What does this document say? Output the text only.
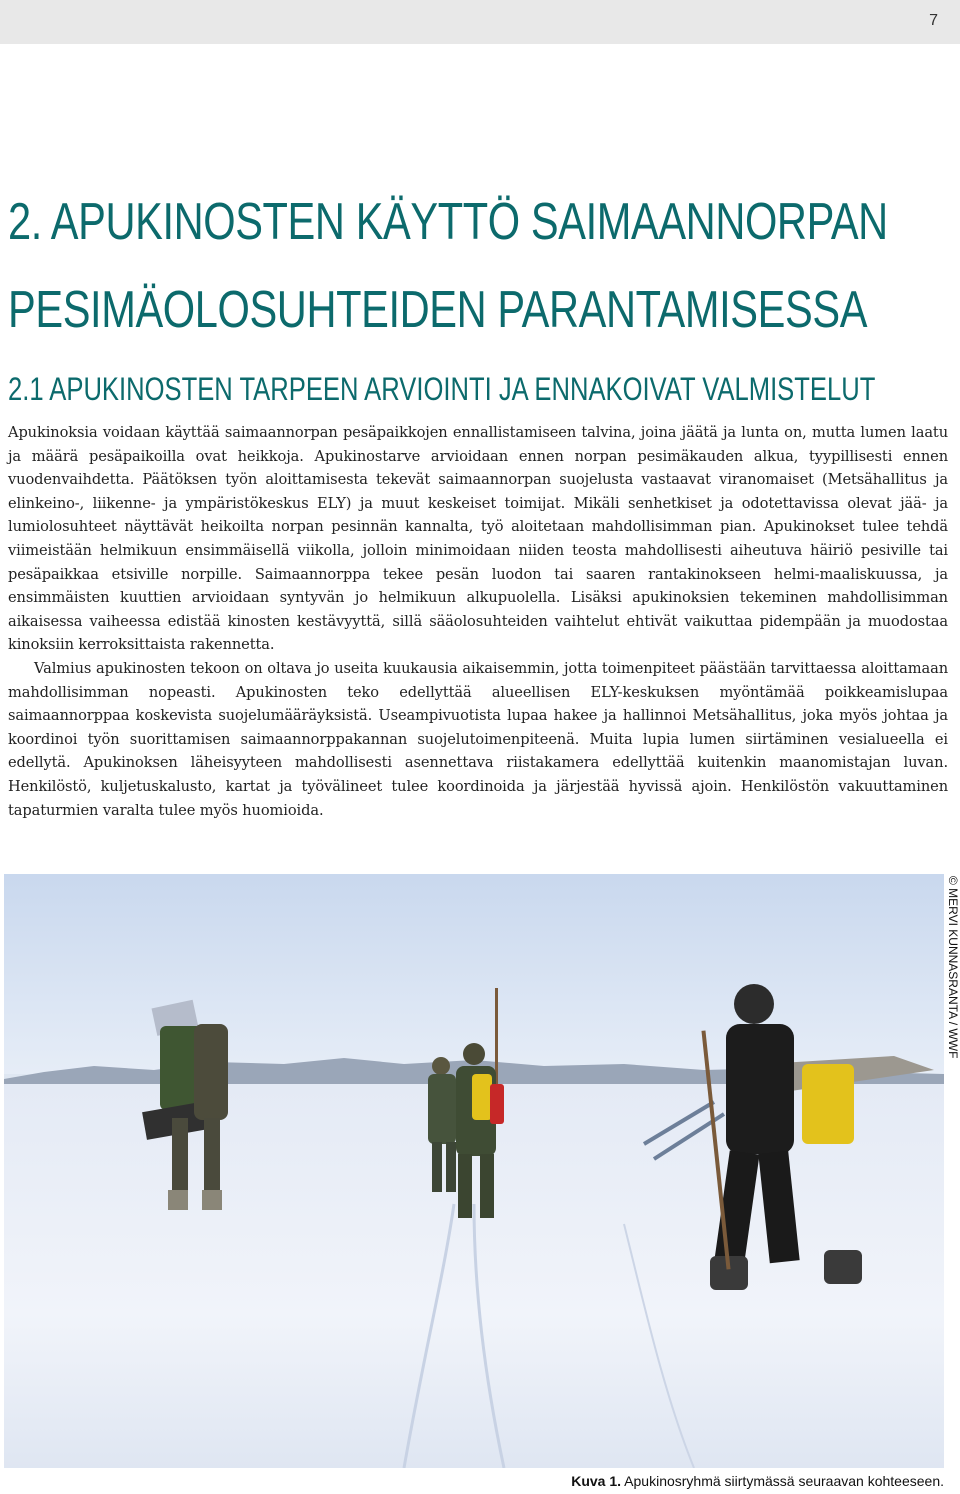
7
2. APUKINOSTEN KÄYTTÖ SAIMAANNORPAN
PESIMÄOLOSUHTEIDEN PARANTAMISESSA
2.1 APUKINOSTEN TARPEEN ARVIOINTI JA ENNAKOIVAT VALMISTELUT

Apukinoksia voidaan käyttää saimaannorpan pesäpaikkojen ennallistamiseen talvina, joina jäätä ja lunta on, mutta lumen laatu ja määrä pesäpaikoilla ovat heikkoja. Apukinostarve arvioidaan ennen norpan pesimäkauden alkua, tyypillisesti ennen vuodenvaihdetta. Päätöksen työn aloittamisesta tekevät saimaannorpan suojelusta vastaavat viranomaiset (Metsähallitus ja elinkeino-, liikenne- ja ympäristökeskus ELY) ja muut keskeiset toimijat. Mikäli senhetkiset ja odotettavissa olevat jää- ja lumiolosuhteet näyttävät heikoilta norpan pesinnän kannalta, työ aloitetaan mahdollisimman pian. Apukinokset tulee tehdä viimeistään helmikuun ensimmäisellä viikolla, jolloin minimoidaan niiden teosta mahdollisesti aiheutuva häiriö pesiville tai pesäpaikkaa etsiville norpille. Saimaannorppa tekee pesän luodon tai saaren rantakinokseen helmi-maaliskuussa, ja ensimmäisten kuuttien arvioidaan syntyvän jo helmikuun alkupuolella. Lisäksi apukinoksien tekeminen mahdollisimman aikaisessa vaiheessa edistää kinosten kestävyyttä, sillä sääolosuhteiden vaihtelut ehtivät vaikuttaa pidempään ja muodostaa kinoksiin kerroksittaista rakennetta.

Valmius apukinosten tekoon on oltava jo useita kuukausia aikaisemmin, jotta toimenpiteet päästään tarvittaessa aloittamaan mahdollisimman nopeasti. Apukinosten teko edellyttää alueellisen ELY-keskuksen myöntämää poikkeamislupaa saimaannorppaa koskevista suojelumääräyksistä. Useampivuotista lupaa hakee ja hallinnoi Metsähallitus, joka myös johtaa ja koordinoi työn suorittamisen saimaannorppakannan suojelutoimenpiteenä. Muita lupia lumen siirtäminen vesialueella ei edellytä. Apukinoksen läheisyyteen mahdollisesti asennettava riistakamera edellyttää kuitenkin maanomistajan luvan. Henkilöstö, kuljetuskalusto, kartat ja työvälineet tulee koordinoida ja järjestää hyvissä ajoin. Henkilöstön vakuuttaminen tapaturmien varalta tulee myös huomioida.

© MERVI KUNNASRANTA / WWF
Kuva 1. Apukinosryhmä siirtymässä seuraavan kohteeseen.
